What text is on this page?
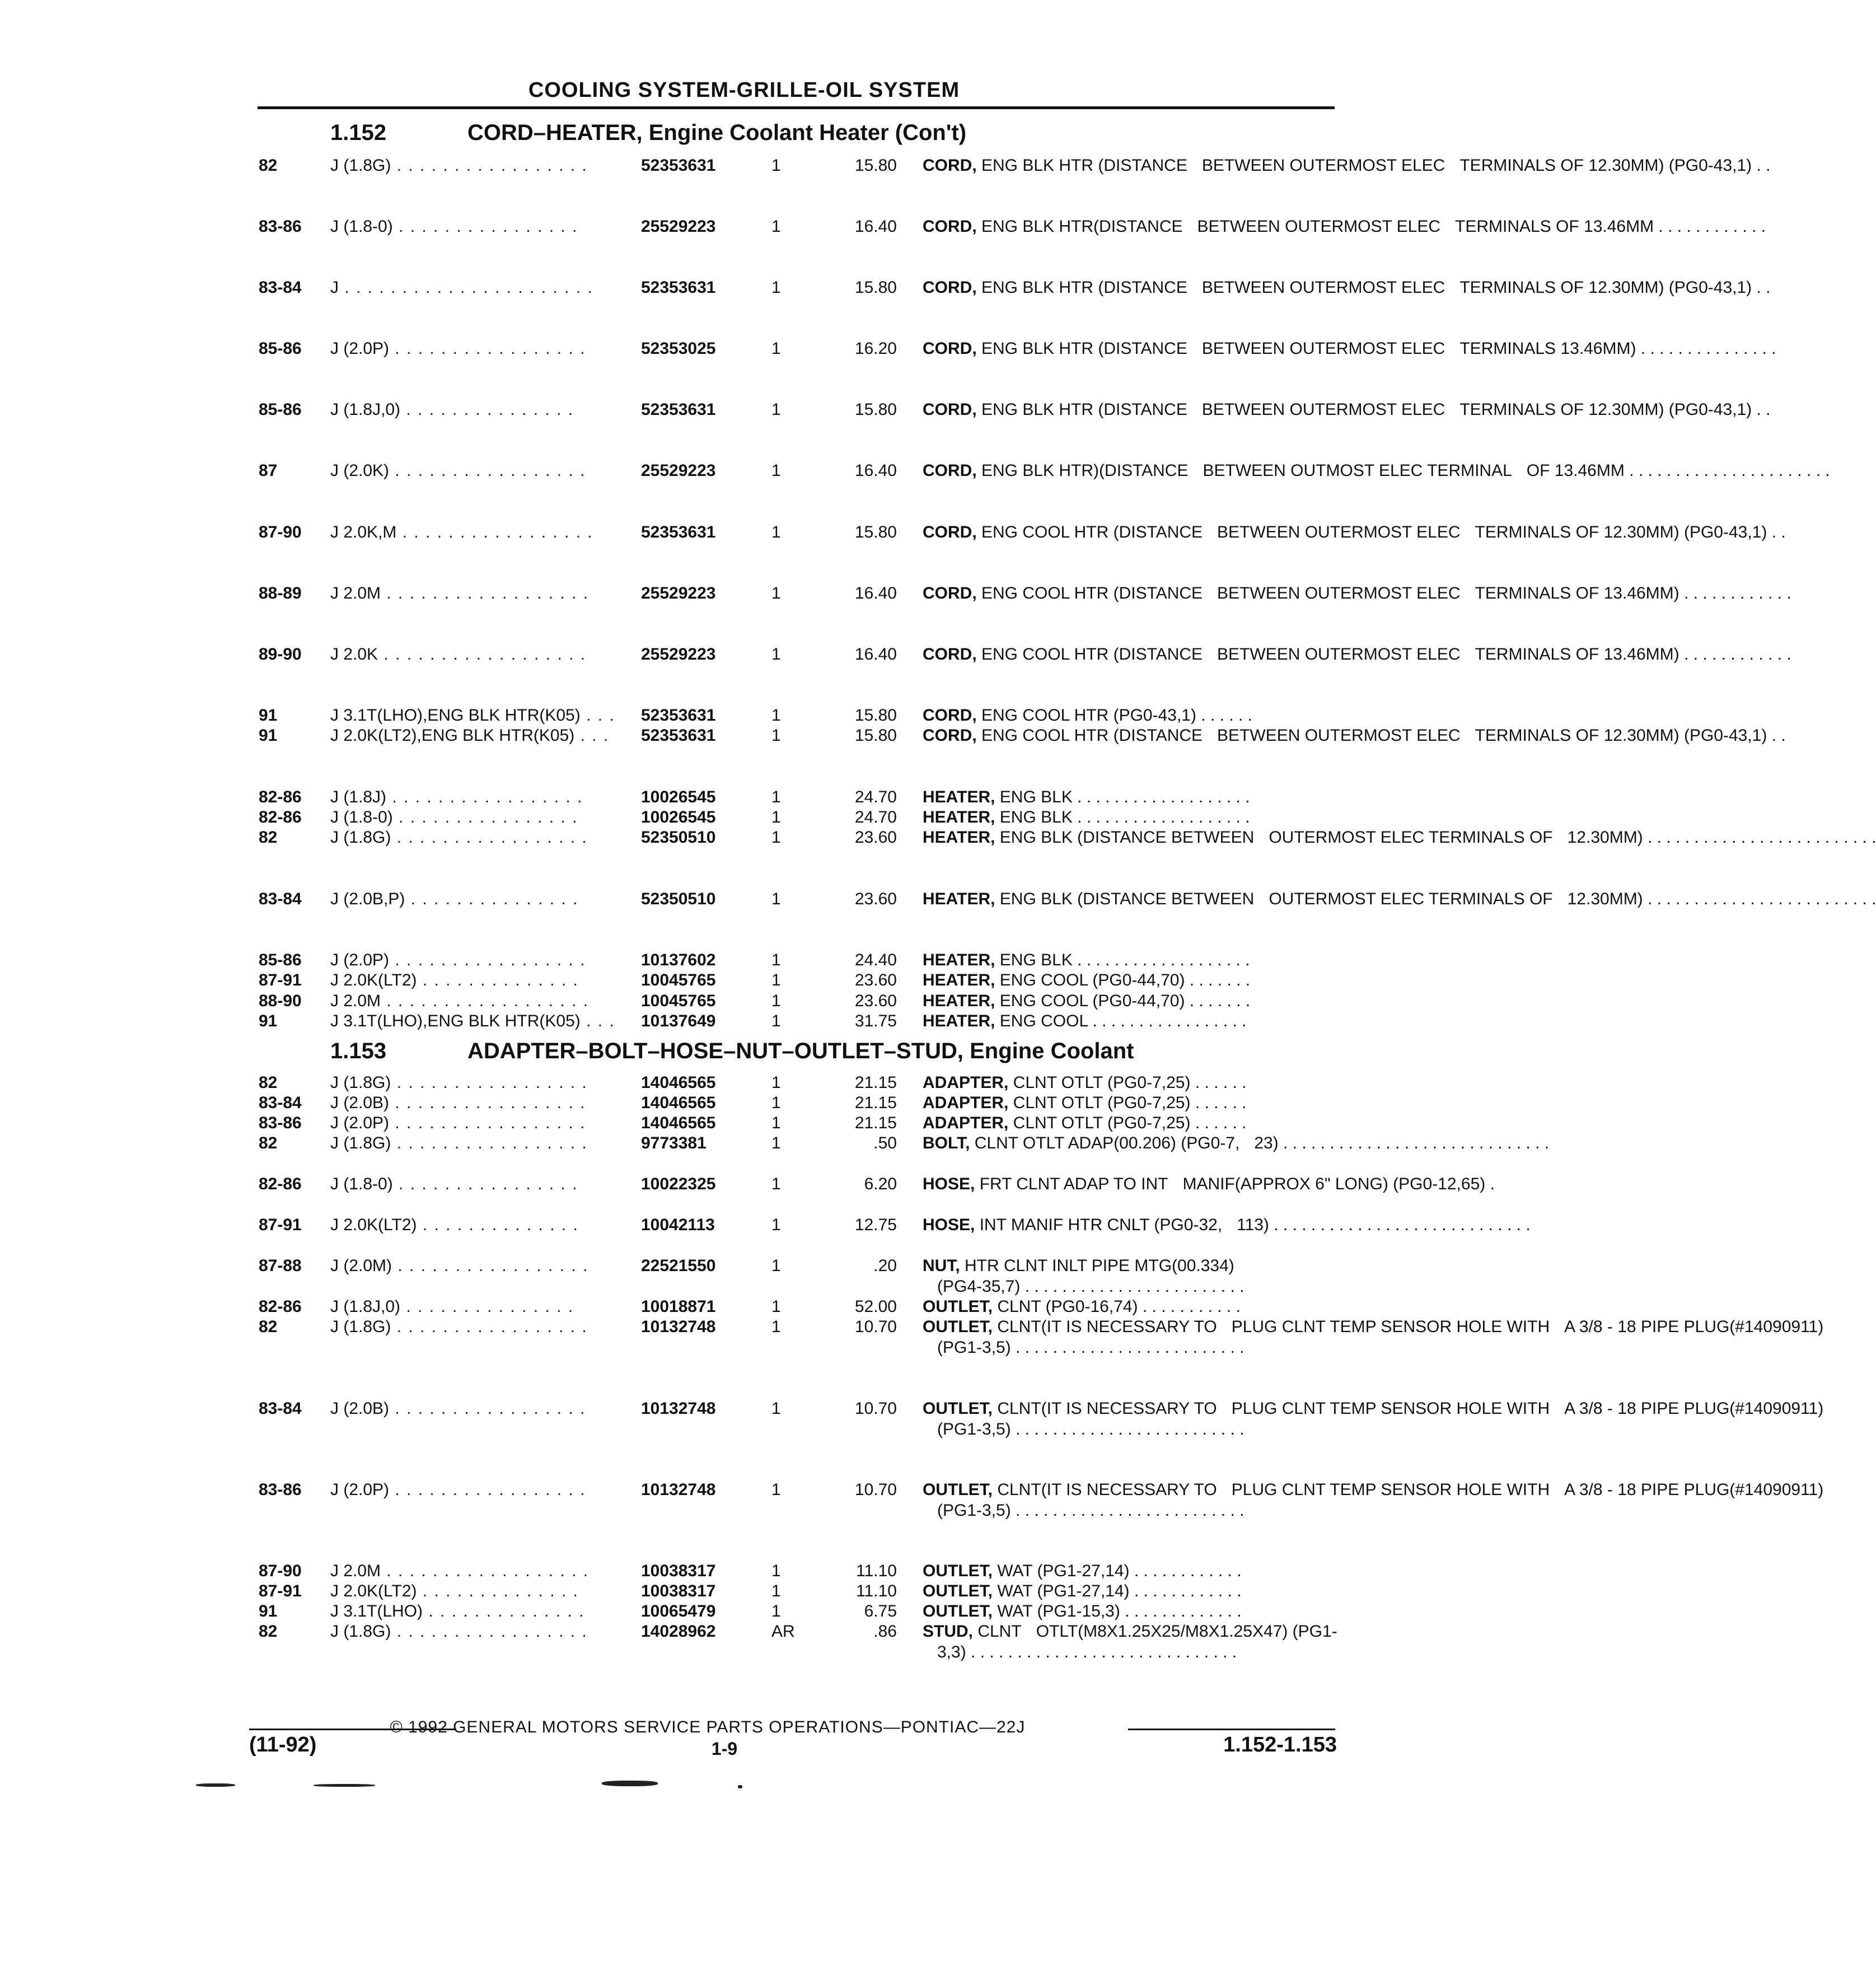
COOLING SYSTEM-GRILLE-OIL SYSTEM
1.152	CORD–HEATER, Engine Coolant Heater (Con't)
82	J (1.8G) . . . . . . . . . . . . . . . . .	52353631	1	15.80 CORD, ENG BLK HTR (DISTANCE BETWEEN OUTERMOST ELEC TERMINALS OF 12.30MM) (PG0-43,1) . .
83-86 J (1.8-0) . . . . . . . . . . . . . . . .	25529223	1	16.40 CORD, ENG BLK HTR(DISTANCE BETWEEN OUTERMOST ELEC TERMINALS OF 13.46MM . . . . . . . . . . . .
83-84 J . . . . . . . . . . . . . . . . . . . . . .	52353631	1	15.80 CORD, ENG BLK HTR (DISTANCE BETWEEN OUTERMOST ELEC TERMINALS OF 12.30MM) (PG0-43,1) . .
85-86 J (2.0P) . . . . . . . . . . . . . . . . .	52353025	1	16.20 CORD, ENG BLK HTR (DISTANCE BETWEEN OUTERMOST ELEC TERMINALS 13.46MM) . . . . . . . . . . . . . . .
85-86 J (1.8J,0) . . . . . . . . . . . . . . .	52353631	1	15.80 CORD, ENG BLK HTR (DISTANCE BETWEEN OUTERMOST ELEC TERMINALS OF 12.30MM) (PG0-43,1) . .
87	J (2.0K) . . . . . . . . . . . . . . . . .	25529223	1	16.40 CORD, ENG BLK HTR)(DISTANCE BETWEEN OUTMOST ELEC TERMINAL OF 13.46MM . . . . . . . . . . . . . . . . . . . . . .
87-90 J 2.0K,M . . . . . . . . . . . . . . . . .	52353631	1	15.80 CORD, ENG COOL HTR (DISTANCE BETWEEN OUTERMOST ELEC TERMINALS OF 12.30MM) (PG0-43,1) . .
88-89 J 2.0M . . . . . . . . . . . . . . . . . .	25529223	1	16.40 CORD, ENG COOL HTR (DISTANCE BETWEEN OUTERMOST ELEC TERMINALS OF 13.46MM) . . . . . . . . . . . .
89-90 J 2.0K . . . . . . . . . . . . . . . . . .	25529223	1	16.40 CORD, ENG COOL HTR (DISTANCE BETWEEN OUTERMOST ELEC TERMINALS OF 13.46MM) . . . . . . . . . . . .
91	J 3.1T(LHO),ENG BLK HTR(K05) . . .	52353631	1	15.80 CORD, ENG COOL HTR (PG0-43,1) . . . . . .
91	J 2.0K(LT2),ENG BLK HTR(K05) . . .	52353631	1	15.80 CORD, ENG COOL HTR (DISTANCE BETWEEN OUTERMOST ELEC TERMINALS OF 12.30MM) (PG0-43,1) . .
82-86 J (1.8J) . . . . . . . . . . . . . . . . .	10026545	1	24.70 HEATER, ENG BLK . . . . . . . . . . . . . . . . . . .
82-86 J (1.8-0) . . . . . . . . . . . . . . . .	10026545	1	24.70 HEATER, ENG BLK . . . . . . . . . . . . . . . . . . .
82	J (1.8G) . . . . . . . . . . . . . . . . .	52350510	1	23.60 HEATER, ENG BLK (DISTANCE BETWEEN OUTERMOST ELEC TERMINALS OF 12.30MM) . . . . . . . . . . . . . . . . . . . . . . . . .
83-84 J (2.0B,P) . . . . . . . . . . . . . . .	52350510	1	23.60 HEATER, ENG BLK (DISTANCE BETWEEN OUTERMOST ELEC TERMINALS OF 12.30MM) . . . . . . . . . . . . . . . . . . . . . . . . .
85-86 J (2.0P) . . . . . . . . . . . . . . . . .	10137602	1	24.40 HEATER, ENG BLK . . . . . . . . . . . . . . . . . . .
87-91 J 2.0K(LT2) . . . . . . . . . . . . . .	10045765	1	23.60 HEATER, ENG COOL (PG0-44,70) . . . . . . .
88-90 J 2.0M . . . . . . . . . . . . . . . . . .	10045765	1	23.60 HEATER, ENG COOL (PG0-44,70) . . . . . . .
91	J 3.1T(LHO),ENG BLK HTR(K05) . . .	10137649	1	31.75 HEATER, ENG COOL . . . . . . . . . . . . . . . . .
1.153	ADAPTER–BOLT–HOSE–NUT–OUTLET–STUD, Engine Coolant
82	J (1.8G) . . . . . . . . . . . . . . . . .	14046565	1	21.15 ADAPTER, CLNT OTLT (PG0-7,25) . . . . . .
83-84 J (2.0B) . . . . . . . . . . . . . . . . .	14046565	1	21.15 ADAPTER, CLNT OTLT (PG0-7,25) . . . . . .
83-86 J (2.0P) . . . . . . . . . . . . . . . . .	14046565	1	21.15 ADAPTER, CLNT OTLT (PG0-7,25) . . . . . .
82	J (1.8G) . . . . . . . . . . . . . . . . .	9773381	1	.50 BOLT, CLNT OTLT ADAP(00.206) (PG0-7, 23) . . . . . . . . . . . . . . . . . . . . . . . . . . . . .
82-86 J (1.8-0) . . . . . . . . . . . . . . . .	10022325	1	6.20 HOSE, FRT CLNT ADAP TO INT MANIF(APPROX 6" LONG) (PG0-12,65) .
87-91 J 2.0K(LT2) . . . . . . . . . . . . . .	10042113	1	12.75 HOSE, INT MANIF HTR CNLT (PG0-32, 113) . . . . . . . . . . . . . . . . . . . . . . . . . . . .
87-88 J (2.0M) . . . . . . . . . . . . . . . . .	22521550	1	.20 NUT, HTR CLNT INLT PIPE MTG(00.334)(PG4-35,7) . . . . . . . . . . . . . . . . . . . . . . . .
82-86 J (1.8J,0) . . . . . . . . . . . . . . .	10018871	1	52.00 OUTLET, CLNT (PG0-16,74) . . . . . . . . . . .
82	J (1.8G) . . . . . . . . . . . . . . . . .	10132748	1	10.70 OUTLET, CLNT(IT IS NECESSARY TO PLUG CLNT TEMP SENSOR HOLE WITH A 3/8 - 18 PIPE PLUG(#14090911)(PG1-3,5) . . . . . . . . . . . . . . . . . . . . . . . . .
83-84 J (2.0B) . . . . . . . . . . . . . . . . .	10132748	1	10.70 OUTLET, CLNT(IT IS NECESSARY TO PLUG CLNT TEMP SENSOR HOLE WITH A 3/8 - 18 PIPE PLUG(#14090911)(PG1-3,5) . . . . . . . . . . . . . . . . . . . . . . . . .
83-86 J (2.0P) . . . . . . . . . . . . . . . . .	10132748	1	10.70 OUTLET, CLNT(IT IS NECESSARY TO PLUG CLNT TEMP SENSOR HOLE WITH A 3/8 - 18 PIPE PLUG(#14090911)(PG1-3,5) . . . . . . . . . . . . . . . . . . . . . . . . .
87-90 J 2.0M . . . . . . . . . . . . . . . . . .	10038317	1	11.10 OUTLET, WAT (PG1-27,14) . . . . . . . . . . . .
87-91 J 2.0K(LT2) . . . . . . . . . . . . . .	10038317	1	11.10 OUTLET, WAT (PG1-27,14) . . . . . . . . . . . .
91	J 3.1T(LHO) . . . . . . . . . . . . . .	10065479	1	6.75 OUTLET, WAT (PG1-15,3) . . . . . . . . . . . . .
82	J (1.8G) . . . . . . . . . . . . . . . . .	14028962	AR	.86 STUD, CLNT OTLT(M8X1.25X25/M8X1.25X47) (PG1-3,3) . . . . . . . . . . . . . . . . . . . . . . . . . . . . .
© 1992 GENERAL MOTORS SERVICE PARTS OPERATIONS—PONTIAC—22J
(11-92)	1-9	1.152-1.153
